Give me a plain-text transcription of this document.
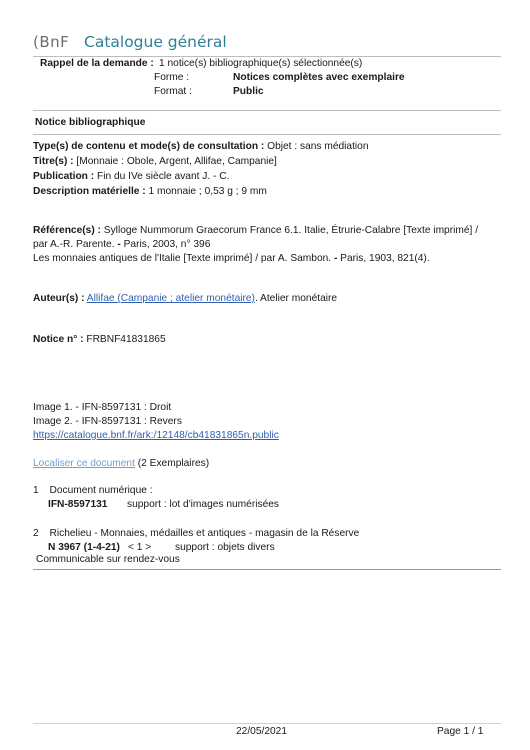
(BnF Catalogue général
Rappel de la demande : 1 notice(s) bibliographique(s) sélectionnée(s)
Forme :	Notices complètes avec exemplaire
Format :	Public
Notice bibliographique
Type(s) de contenu et mode(s) de consultation : Objet : sans médiation
Titre(s) : [Monnaie : Obole, Argent, Allifae, Campanie]
Publication : Fin du IVe siècle avant J. - C.
Description matérielle : 1 monnaie ; 0,53 g ; 9 mm
Référence(s) : Sylloge Nummorum Graecorum France 6.1. Italie, Étrurie-Calabre [Texte imprimé] /
par A.-R. Parente. - Paris, 2003, n° 396
Les monnaies antiques de l'Italie [Texte imprimé] / par A. Sambon. - Paris, 1903, 821(4).
Auteur(s) : Allifae (Campanie ; atelier monétaire). Atelier monétaire
Notice n° : FRBNF41831865
Image 1. - IFN-8597131 : Droit
Image 2. - IFN-8597131 : Revers
https://catalogue.bnf.fr/ark:/12148/cb41831865n.public
Localiser ce document (2 Exemplaires)
1 Document numérique :
IFN-8597131 support : lot d'images numérisées
2 Richelieu - Monnaies, médailles et antiques - magasin de la Réserve
N 3967 (1-4-21) < 1 > support : objets divers
Communicable sur rendez-vous
22/05/2021	Page 1 / 1
